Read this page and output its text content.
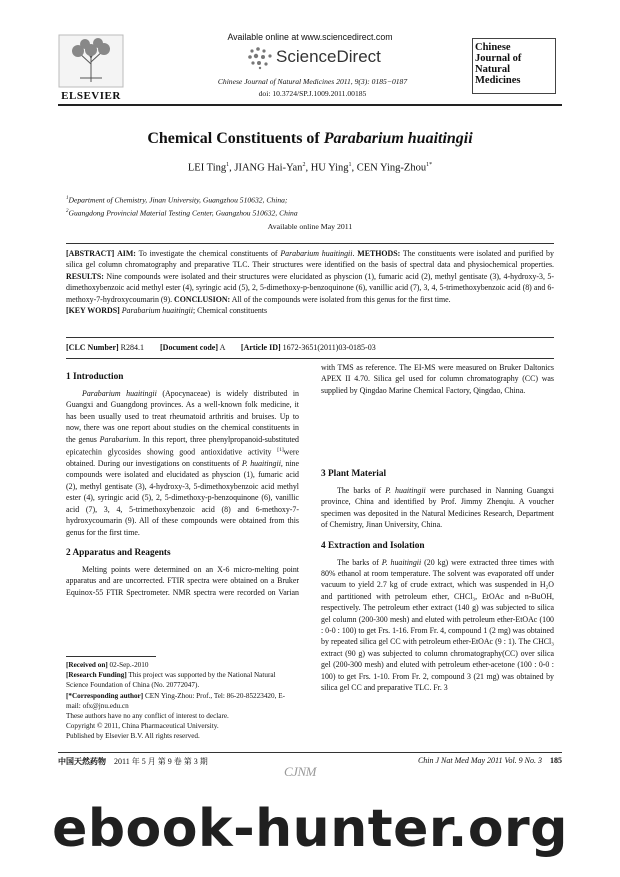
ELSEVIER
Available online at www.sciencedirect.com
ScienceDirect
Chinese Journal of Natural Medicines 2011, 9(3): 0185−0187
doi: 10.3724/SP.J.1009.2011.00185
Chinese
Journal of
Natural
Medicines
Chemical Constituents of Parabarium huaitingii
LEI Ting$^1$, JIANG Hai-Yan$^2$, HU Ying$^1$, CEN Ying-Zhou$^{1*}$
$^1$Department of Chemistry, Jinan University, Guangzhou 510632, China;
$^2$Guangdong Provincial Material Testing Center, Guangzhou 510632, China
Available online May 2011

[ABSTRACT] AIM: To investigate the chemical constituents of Parabarium huaitingii. METHODS: The constituents were isolated and purified by silica gel column chromatography and preparative TLC. Their structures were identified on the basis of spectral data and physiochemical properties. RESULTS: Nine compounds were isolated and their structures were elucidated as physcion (1), fumaric acid (2), methyl gentisate (3), 4-hydroxy-3, 5-dimethoxybenzoic acid methyl ester (4), syringic acid (5), 2, 5-dimethoxy-p-benzoquinone (6), vanillic acid (7), 3, 4, 5-trimethoxybenzoic acid (8) and 6-methoxy-7-hydroxycoumarin (9). CONCLUSION: All of the compounds were isolated from this genus for the first time.

[KEY WORDS] Parabarium huaitingii; Chemical constituents

[CLC Number] R284.1 [Document code] A [Article ID] 1672-3651(2011)03-0185-03

1 Introduction

Parabarium huaitingii (Apocynaceae) is widely distributed in Guangxi and Guangdong provinces. As a well-known folk medicine, it has been usually used to treat rheumatoid arthritis and bruises. Up to now, there was one report about studies on the chemical constituents in the genus Parabarium. In this report, three phenylpropanoid-substituted epicatechin glycosides showing good antioxidative activity [1]were obtained. During our investigations on constituents of P. huaitingii, nine compounds were isolated and elucidated as physcion (1), fumaric acid (2), methyl gentisate (3), 4-hydroxy-3, 5-dimethoxybenzoic acid methyl ester (4), syringic acid (5), 2, 5-dimethoxy-p-benzoquinone (6), vanillic acid (7), 3, 4, 5-trimethoxybenzoic acid (8) and 6-methoxy-7-hydroxycoumarin (9). All of these compounds were obtained from this genus for the first time.

2 Apparatus and Reagents

Melting points were determined on an X-6 micro-melting point apparatus and are uncorrected. FTIR spectra were obtained on a Bruker Equinox-55 FTIR Spectrometer. NMR spectra were recorded on Varian

[Received on] 02-Sep.-2010

[Research Funding] This project was supported by the National Natural Science Foundation of China (No. 20772047).

[*Corresponding author] CEN Ying-Zhou: Prof., Tel: 86-20-85223420, E-mail: ofx@jnu.edu.cn

These authors have no any conflict of interest to declare.

Copyright © 2011, China Pharmaceutical University.

Published by Elsevier B.V. All rights reserved.

with TMS as reference. The EI-MS were measured on Bruker Daltonics APEX II 4.70. Silica gel used for column chromatography (CC) was supplied by Qingdao Marine Chemical Factory, Qingdao, China.

3 Plant Material

The barks of P. huaitingii were purchased in Nanning Guangxi province, China and identified by Prof. Jimmy Zhenqiu. A voucher specimen was deposited in the Natural Medicines Research, Department of Chemistry, Jinan University, China.

4 Extraction and Isolation

The barks of P. huaitingii (20 kg) were extracted three times with 80% ethanol at room temperature. The solvent was evaporated off under vacuum to yield 2.7 kg of crude extract, which was suspended in H₂O and partitioned with petroleum ether, CHCl₃, EtOAc and n-BuOH, respectively. The petroleum ether extract (140 g) was subjected to silica gel column (200-300 mesh) and eluted with petroleum ether-EtOAc (100 : 0-0 : 100) to get Frs. 1-16. From Fr. 4, compound 1 (2 mg) was obtained by repeated silica gel CC with petroleum ether-EtOAc (9 : 1). The CHCl₃ extract (90 g) was subjected to column chromatography(CC) over silica gel (200-300 mesh) and eluted with petroleum ether-acetone (100 : 0-0 : 100) to get Frs. 1-10. From Fr. 2, compound 3 (21 mg) was obtained by silica gel CC and preparative TLC. Fr. 3

中国天然药物 2011 年 5 月 第 9 卷 第 3 期
CJNM
Chin J Nat Med May 2011 Vol. 9 No. 3 185
ebook-hunter.org
